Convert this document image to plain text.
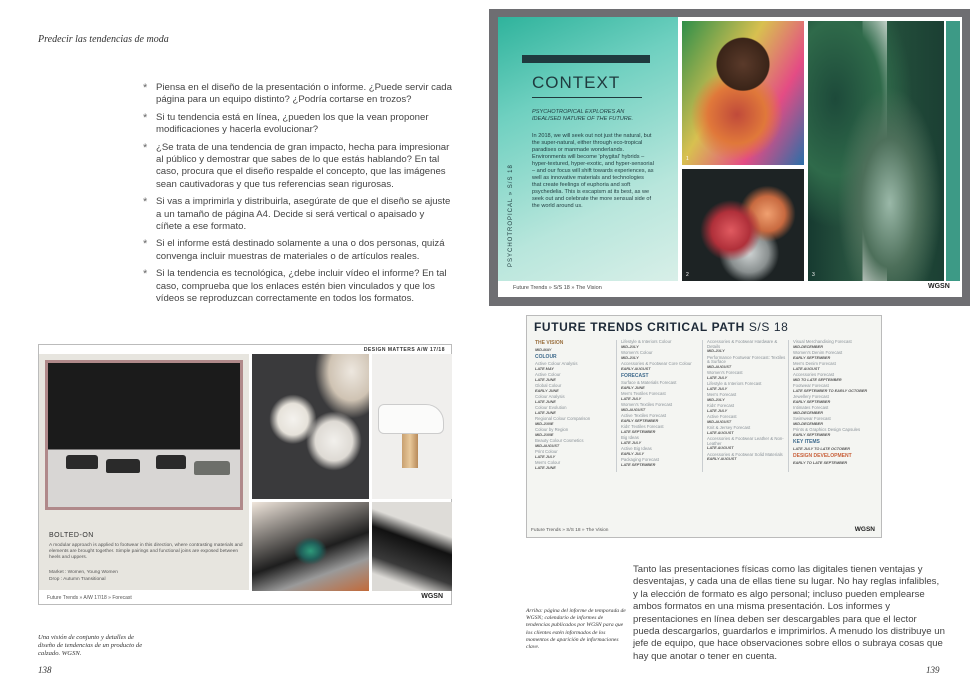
Predecir las tendencias de moda
* Piensa en el diseño de la presentación o informe. ¿Puede servir cada página para un equipo distinto? ¿Podría cortarse en trozos?
* Si tu tendencia está en línea, ¿pueden los que la vean proponer modificaciones y hacerla evolucionar?
* ¿Se trata de una tendencia de gran impacto, hecha para impresionar al público y demostrar que sabes de lo que estás hablando? En tal caso, procura que el diseño respalde el concepto, que las imágenes sean cautivadoras y que tus referencias sean rigurosas.
* Si vas a imprimirla y distribuirla, asegúrate de que el diseño se ajuste a un tamaño de página A4. Decide si será vertical o apaisado y cíñete a ese formato.
* Si el informe está destinado solamente a una o dos personas, quizá convenga incluir muestras de materiales o de artículos reales.
* Si la tendencia es tecnológica, ¿debe incluir vídeo el informe? En tal caso, comprueba que los enlaces estén bien vinculados y que los vídeos se reproduzcan correctamente en todos los formatos.
CONTEXT
PSYCHOTROPICAL EXPLORES AN IDEALISED NATURE OF THE FUTURE.
In 2018, we will seek out not just the natural, but the super-natural, either through eco-tropical paradises or manmade wonderlands. Environments will become 'phygital' hybrids – hyper-textured, hyper-exotic, and hyper-sensorial – and our focus will shift towards experiences, as well as innovative materials and technologies that create feelings of euphoria and soft psychedelia. This is escapism at its best, as we seek out and celebrate the more sensual side of the world around us.
PSYCHOTROPICAL » S/S 18
1
2	3
Future Trends » S/S 18 » The Vision	WGSN
DESIGN MATTERS A/W 17/18
BOLTED-ON
A modular approach is applied to footwear in this direction, where contrasting materials and elements are brought together. Simple pairings and functional joins are exposed between heels and uppers.
Market : Women, Young Women
Drop : Autumn Transitional
Future Trends » A/W 17/18 » Forecast	WGSN
Una visión de conjunto y detalles de diseño de tendencias de un producto de calzado. WGSN.
138
FUTURE TRENDS CRITICAL PATH S/S 18
THE VISION
MID-MAY
COLOUR
Active Colour Analysis
LATE MAY
Active Colour
LATE JUNE
Global Colour
EARLY JUNE
Colour Analysis
LATE JUNE
Colour Evolution
LATE JUNE
Regional Colour Comparison
MID-JUNE
Colour by Region
MID-JUNE
Beauty Colour Cosmetics
MID-AUGUST
Print Colour
LATE JULY
Men's Colour
LATE JUNE
Lifestyle & Interiors Colour
MID-JULY
Women's Colour
MID-JULY
Accessories & Footwear Core Colour
EARLY AUGUST
FORECAST
Surface & Materials Forecast
EARLY JUNE
Men's Textiles Forecast
LATE JULY
Women's Textiles Forecast
MID-AUGUST
Active Textiles Forecast
EARLY SEPTEMBER
Kids' Textiles Forecast
LATE SEPTEMBER
Big Ideas
LATE JULY
Active Big Ideas
EARLY JULY
Packaging Forecast
LATE SEPTEMBER
Accessories & Footwear Hardware & Details
MID-JULY
Performance Footwear Forecast: Textiles & Surface
MID-AUGUST
Women's Forecast
LATE JULY
Lifestyle & Interiors Forecast
LATE JULY
Men's Forecast
MID-JULY
Kids' Forecast
LATE JULY
Active Forecast
MID-AUGUST
Knit & Jersey Forecast
LATE AUGUST
Accessories & Footwear Leather & Non-Leather
LATE AUGUST
Accessories & Footwear Solid Materials
EARLY AUGUST
Visual Merchandising Forecast
MID-DECEMBER
Women's Denim Forecast
EARLY SEPTEMBER
Men's Denim Forecast
LATE AUGUST
Accessories Forecast
MID TO LATE SEPTEMBER
Footwear Forecast
LATE SEPTEMBER TO EARLY OCTOBER
Jewellery Forecast
EARLY SEPTEMBER
Intimates Forecast
MID-DECEMBER
Swimwear Forecast
MID-DECEMBER
Prints & Graphics Design Capsules
EARLY SEPTEMBER
KEY ITEMS
LATE JULY TO LATE OCTOBER
DESIGN DEVELOPMENT
EARLY TO LATE SEPTEMBER
Future Trends » S/S 18 » The Vision	WGSN
Arriba: página del informe de temporada de WGSN; calendario de informes de tendencias publicados por WGSN para que los clientes estén informados de los momentos de aparición de informaciones clave.
Tanto las presentaciones físicas como las digitales tienen ventajas y desventajas, y cada una de ellas tiene su lugar. No hay reglas infalibles, y la elección de formato es algo personal; incluso pueden emplearse ambos formatos en una misma presentación. Los informes y presentaciones en línea deben ser descargables para que el lector pueda descargarlos, guardarlos e imprimirlos. A menudo los distribuye un jefe de equipo, que hace observaciones sobre ellos o subraya cosas que hay que anotar o tener en cuenta.
139
